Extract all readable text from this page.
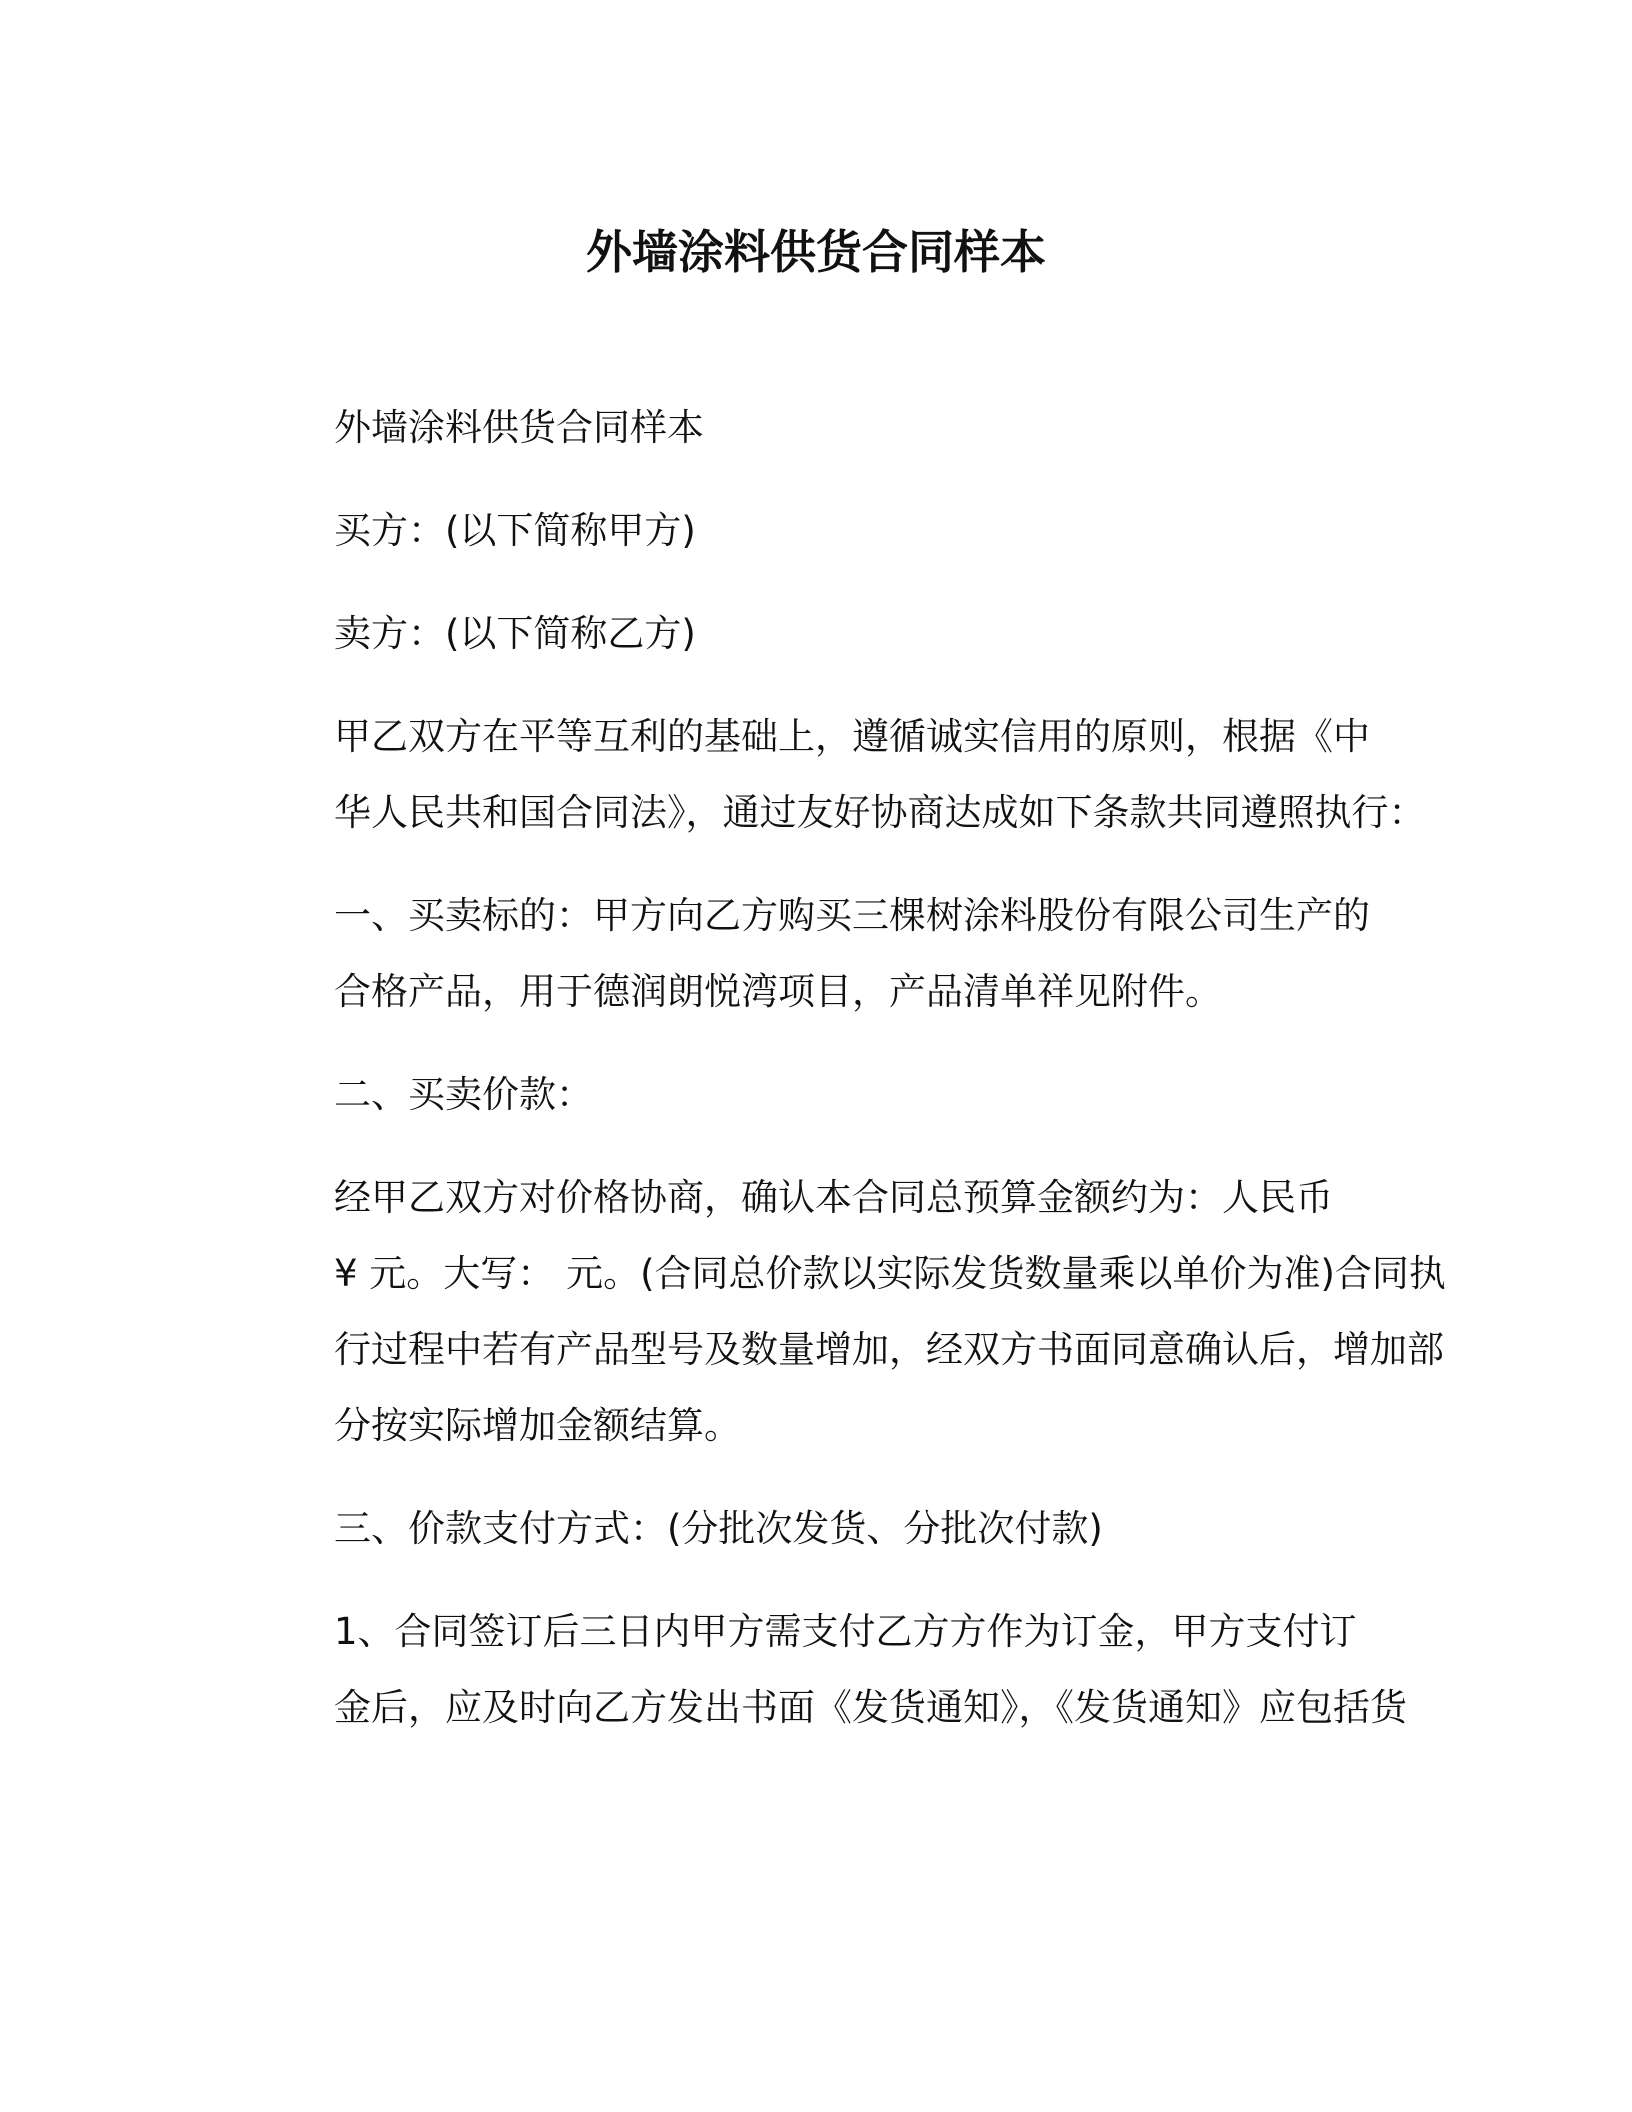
外墙涂料供货合同样本

外墙涂料供货合同样本

买方：(以下简称甲方)

卖方：(以下简称乙方)

甲乙双方在平等互利的基础上，遵循诚实信用的原则，根据《中
华人民共和国合同法》，通过友好协商达成如下条款共同遵照执行：

一、买卖标的：甲方向乙方购买三棵树涂料股份有限公司生产的
合格产品，用于德润朗悦湾项目，产品清单祥见附件。

二、买卖价款：

经甲乙双方对价格协商，确认本合同总预算金额约为：人民币
¥ 元。大写： 元。(合同总价款以实际发货数量乘以单价为准)合同执
行过程中若有产品型号及数量增加，经双方书面同意确认后，增加部
分按实际增加金额结算。

三、价款支付方式：(分批次发货、分批次付款)

1、合同签订后三日内甲方需支付乙方方作为订金，甲方支付订
金后，应及时向乙方发出书面《发货通知》，《发货通知》应包括货
